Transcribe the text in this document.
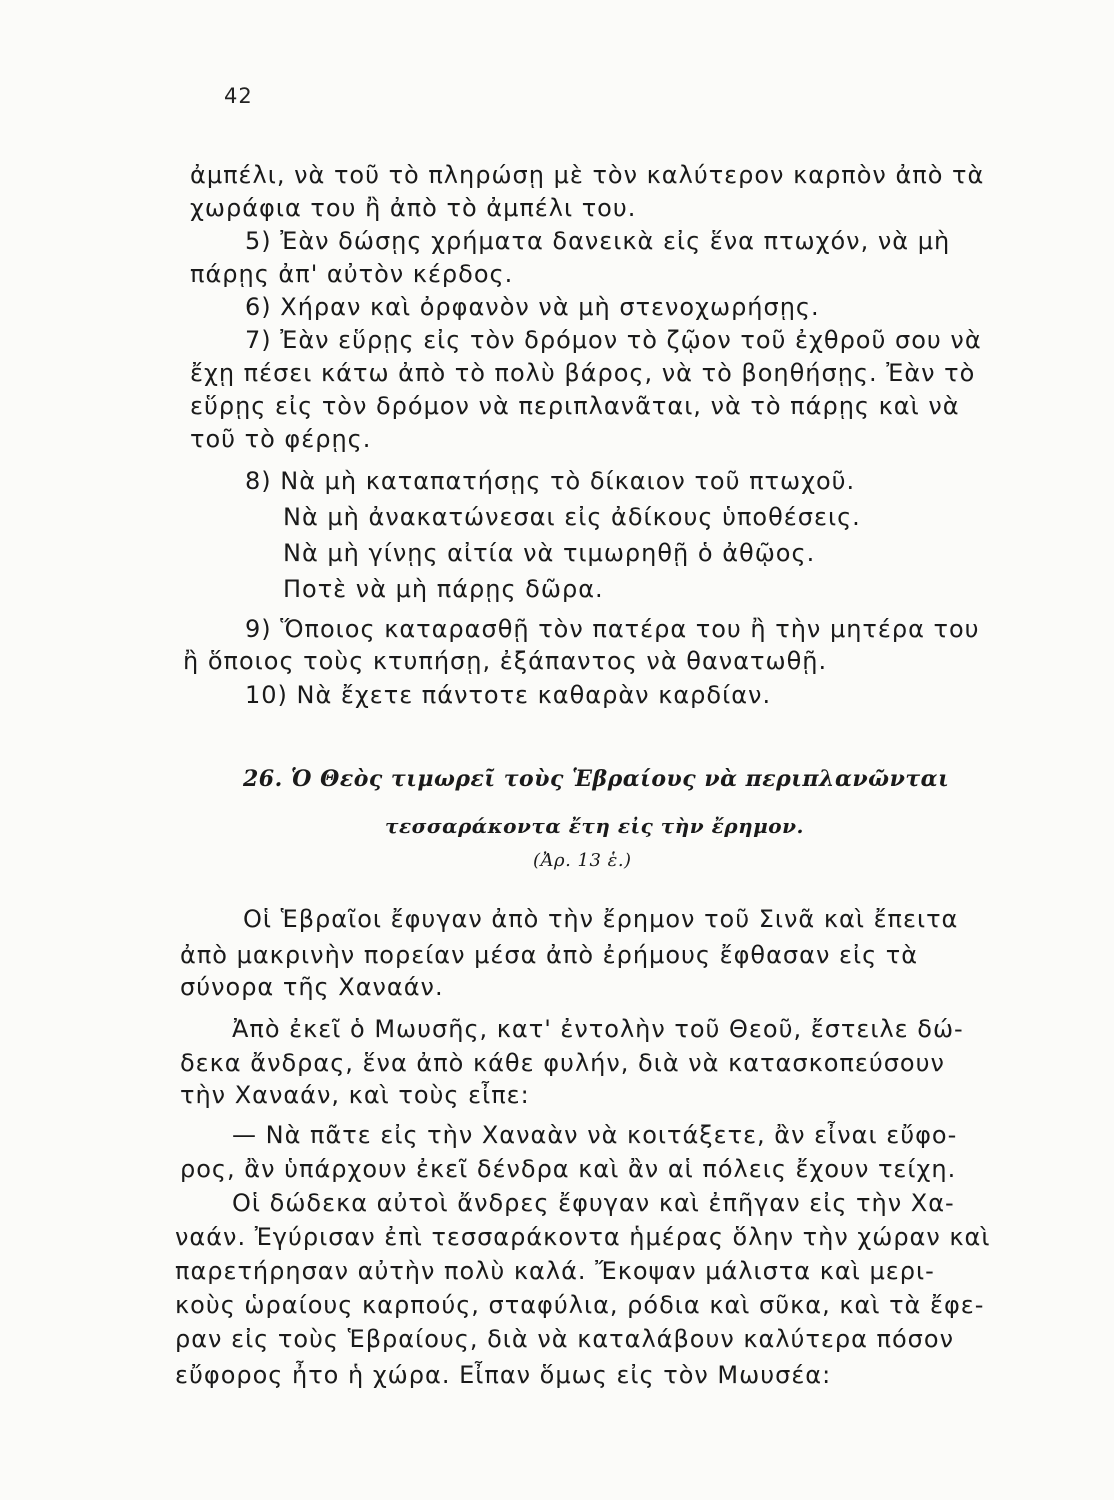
42
ἀμπέλι, νὰ τοῦ τὸ πληρώσῃ μὲ τὸν καλύτερον καρπὸν ἀπὸ τὰ
χωράφια του ἢ ἀπὸ τὸ ἀμπέλι του.
5) Ἐὰν δώσῃς χρήματα δανεικὰ εἰς ἕνα πτωχόν, νὰ μὴ
πάρῃς ἀπ' αὐτὸν κέρδος.
6) Χήραν καὶ ὀρφανὸν νὰ μὴ στενοχωρήσῃς.
7) Ἐὰν εὕρῃς εἰς τὸν δρόμον τὸ ζῷον τοῦ ἐχθροῦ σου νὰ
ἔχῃ πέσει κάτω ἀπὸ τὸ πολὺ βάρος, νὰ τὸ βοηθήσῃς. Ἐὰν τὸ
εὕρῃς εἰς τὸν δρόμον νὰ περιπλανᾶται, νὰ τὸ πάρῃς καὶ νὰ
τοῦ τὸ φέρῃς.
8) Νὰ μὴ καταπατήσῃς τὸ δίκαιον τοῦ πτωχοῦ.
Νὰ μὴ ἀνακατώνεσαι εἰς ἀδίκους ὑποθέσεις.
Νὰ μὴ γίνῃς αἰτία νὰ τιμωρηθῇ ὁ ἀθῷος.
Ποτὲ νὰ μὴ πάρῃς δῶρα.
9) Ὅποιος καταρασθῇ τὸν πατέρα του ἢ τὴν μητέρα του
ἢ ὅποιος τοὺς κτυπήσῃ, ἐξάπαντος νὰ θανατωθῇ.
10) Νὰ ἔχετε πάντοτε καθαρὰν καρδίαν.
26. Ὁ Θεὸς τιμωρεῖ τοὺς Ἑβραίους νὰ περιπλανῶνται
τεσσαράκοντα ἔτη εἰς τὴν ἔρημον.
(Ἀρ. 13 ἑ.)
Οἱ Ἑβραῖοι ἔφυγαν ἀπὸ τὴν ἔρημον τοῦ Σινᾶ καὶ ἔπειτα
ἀπὸ μακρινὴν πορείαν μέσα ἀπὸ ἐρήμους ἔφθασαν εἰς τὰ
σύνορα τῆς Χαναάν.
Ἀπὸ ἐκεῖ ὁ Μωυσῆς, κατ' ἐντολὴν τοῦ Θεοῦ, ἔστειλε δώ-
δεκα ἄνδρας, ἕνα ἀπὸ κάθε φυλήν, διὰ νὰ κατασκοπεύσουν
τὴν Χαναάν, καὶ τοὺς εἶπε:
— Νὰ πᾶτε εἰς τὴν Χαναὰν νὰ κοιτάξετε, ἂν εἶναι εὔφο-
ρος, ἂν ὑπάρχουν ἐκεῖ δένδρα καὶ ἂν αἱ πόλεις ἔχουν τείχη.
Οἱ δώδεκα αὐτοὶ ἄνδρες ἔφυγαν καὶ ἐπῆγαν εἰς τὴν Χα-
ναάν. Ἐγύρισαν ἐπὶ τεσσαράκοντα ἡμέρας ὅλην τὴν χώραν καὶ
παρετήρησαν αὐτὴν πολὺ καλά. Ἔκοψαν μάλιστα καὶ μερι-
κοὺς ὡραίους καρπούς, σταφύλια, ρόδια καὶ σῦκα, καὶ τὰ ἔφε-
ραν εἰς τοὺς Ἑβραίους, διὰ νὰ καταλάβουν καλύτερα πόσον
εὔφορος ἦτο ἡ χώρα. Εἶπαν ὅμως εἰς τὸν Μωυσέα:
